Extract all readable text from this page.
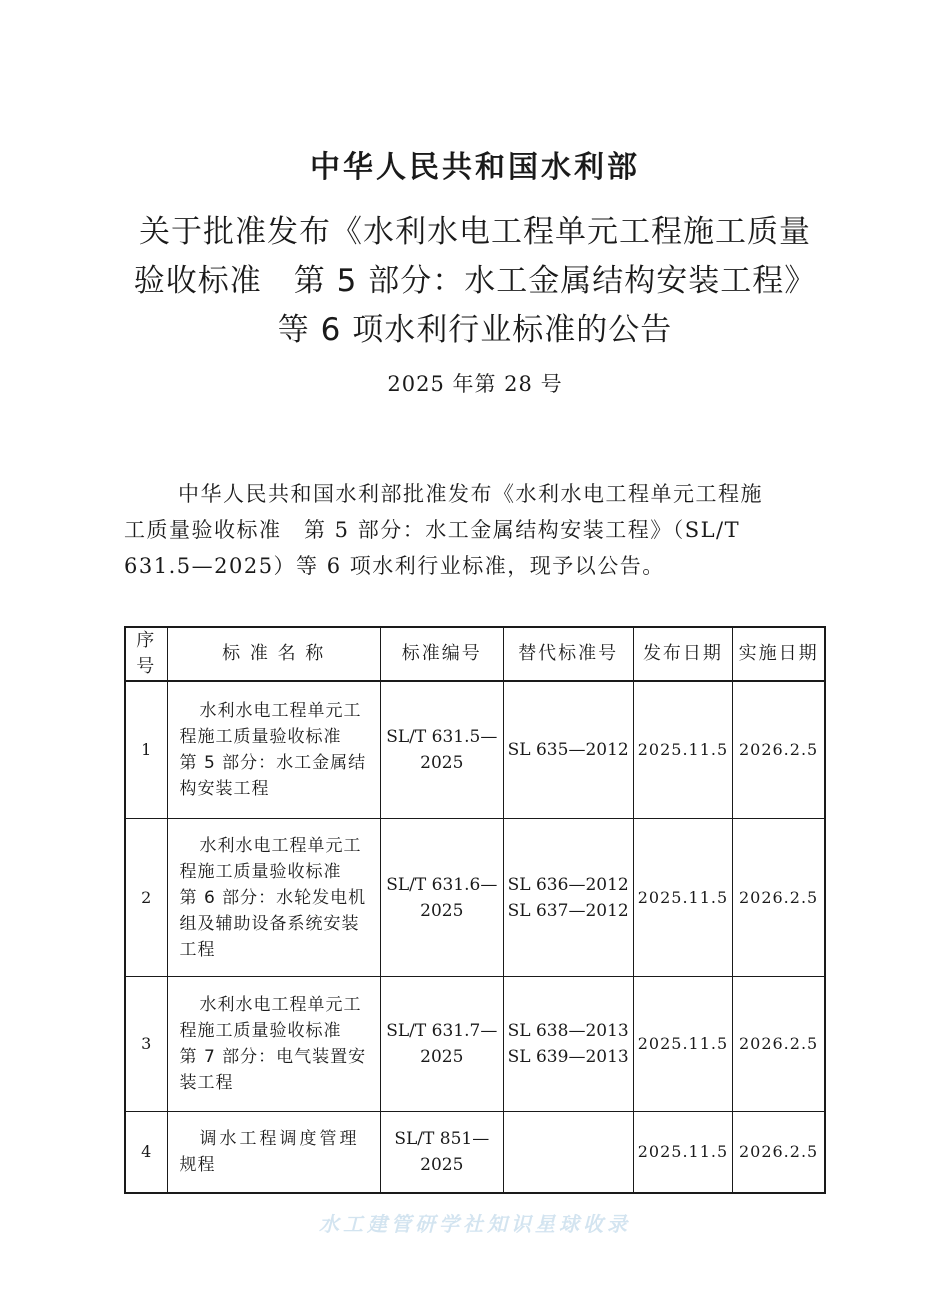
中华人民共和国水利部
关于批准发布《水利水电工程单元工程施工质量
验收标准　第 5 部分：水工金属结构安装工程》
等 6 项水利行业标准的公告
2025 年第 28 号
中华人民共和国水利部批准发布《水利水电工程单元工程施
工质量验收标准　第 5 部分：水工金属结构安装工程》（SL/T
631.5—2025）等 6 项水利行业标准，现予以公告。
序号	标 准 名 称	标准编号	替代标准号	发布日期	实施日期
1	水利水电工程单元工
程施工质量验收标准
第 5 部分：水工金属结
构安装工程	SL/T 631.5—
2025	SL 635—2012	2025.11.5	2026.2.5
2	水利水电工程单元工
程施工质量验收标准
第 6 部分：水轮发电机
组及辅助设备系统安装
工程	SL/T 631.6—
2025	SL 636—2012
SL 637—2012	2025.11.5	2026.2.5
3	水利水电工程单元工
程施工质量验收标准
第 7 部分：电气装置安
装工程	SL/T 631.7—
2025	SL 638—2013
SL 639—2013	2025.11.5	2026.2.5
4	调水工程调度管理
规程	SL/T 851—
2025		2025.11.5	2026.2.5
水工建管研学社知识星球收录
